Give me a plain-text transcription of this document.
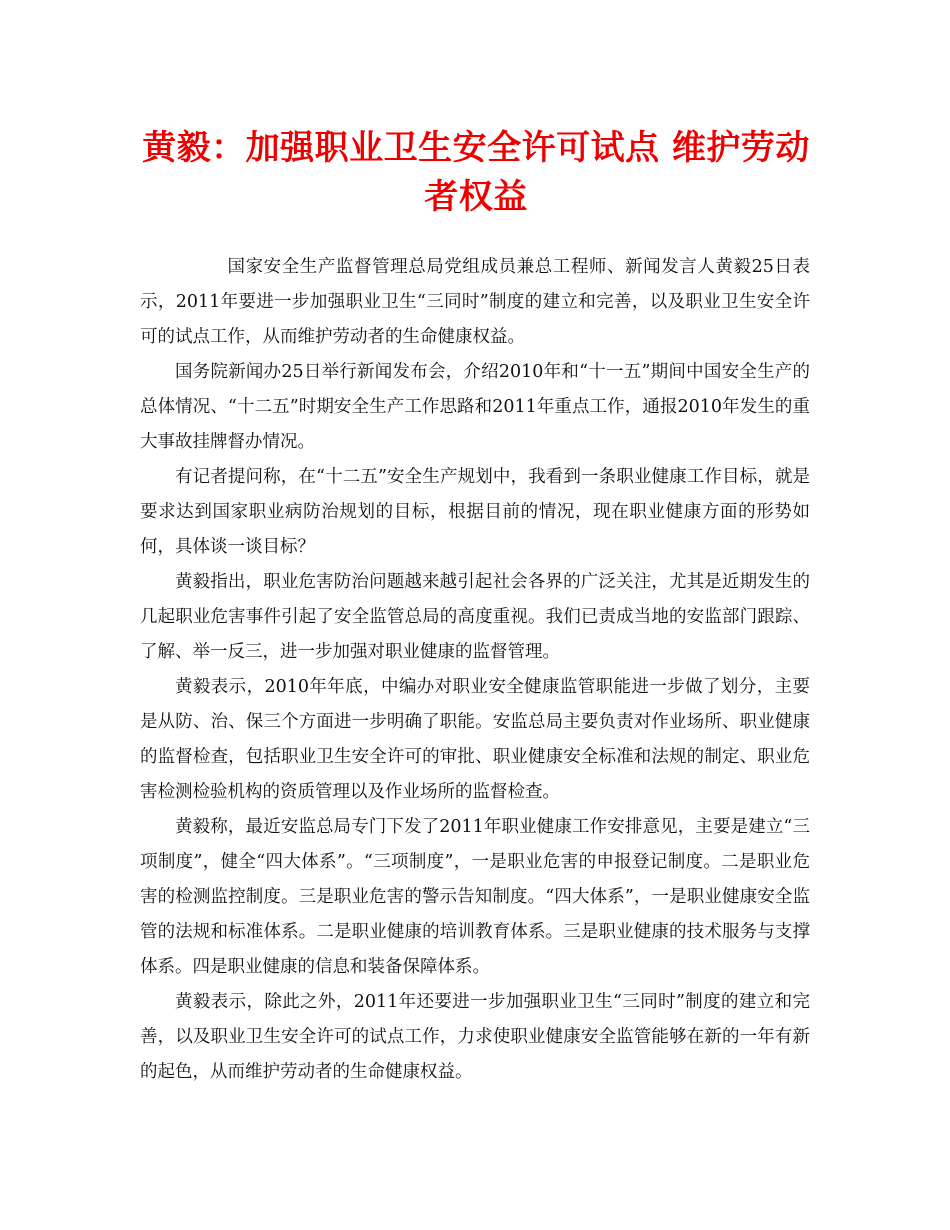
黄毅：加强职业卫生安全许可试点 维护劳动者权益

国家安全生产监督管理总局党组成员兼总工程师、新闻发言人黄毅25日表示，2011年要进一步加强职业卫生“三同时”制度的建立和完善，以及职业卫生安全许可的试点工作，从而维护劳动者的生命健康权益。

国务院新闻办25日举行新闻发布会，介绍2010年和“十一五”期间中国安全生产的总体情况、“十二五”时期安全生产工作思路和2011年重点工作，通报2010年发生的重大事故挂牌督办情况。

有记者提问称，在“十二五”安全生产规划中，我看到一条职业健康工作目标，就是要求达到国家职业病防治规划的目标，根据目前的情况，现在职业健康方面的形势如何，具体谈一谈目标？

黄毅指出，职业危害防治问题越来越引起社会各界的广泛关注，尤其是近期发生的几起职业危害事件引起了安全监管总局的高度重视。我们已责成当地的安监部门跟踪、了解、举一反三，进一步加强对职业健康的监督管理。

黄毅表示，2010年年底，中编办对职业安全健康监管职能进一步做了划分，主要是从防、治、保三个方面进一步明确了职能。安监总局主要负责对作业场所、职业健康的监督检查，包括职业卫生安全许可的审批、职业健康安全标准和法规的制定、职业危害检测检验机构的资质管理以及作业场所的监督检查。

黄毅称，最近安监总局专门下发了2011年职业健康工作安排意见，主要是建立“三项制度”，健全“四大体系”。“三项制度”，一是职业危害的申报登记制度。二是职业危害的检测监控制度。三是职业危害的警示告知制度。“四大体系”，一是职业健康安全监管的法规和标准体系。二是职业健康的培训教育体系。三是职业健康的技术服务与支撑体系。四是职业健康的信息和装备保障体系。

黄毅表示，除此之外，2011年还要进一步加强职业卫生“三同时”制度的建立和完善，以及职业卫生安全许可的试点工作，力求使职业健康安全监管能够在新的一年有新的起色，从而维护劳动者的生命健康权益。
